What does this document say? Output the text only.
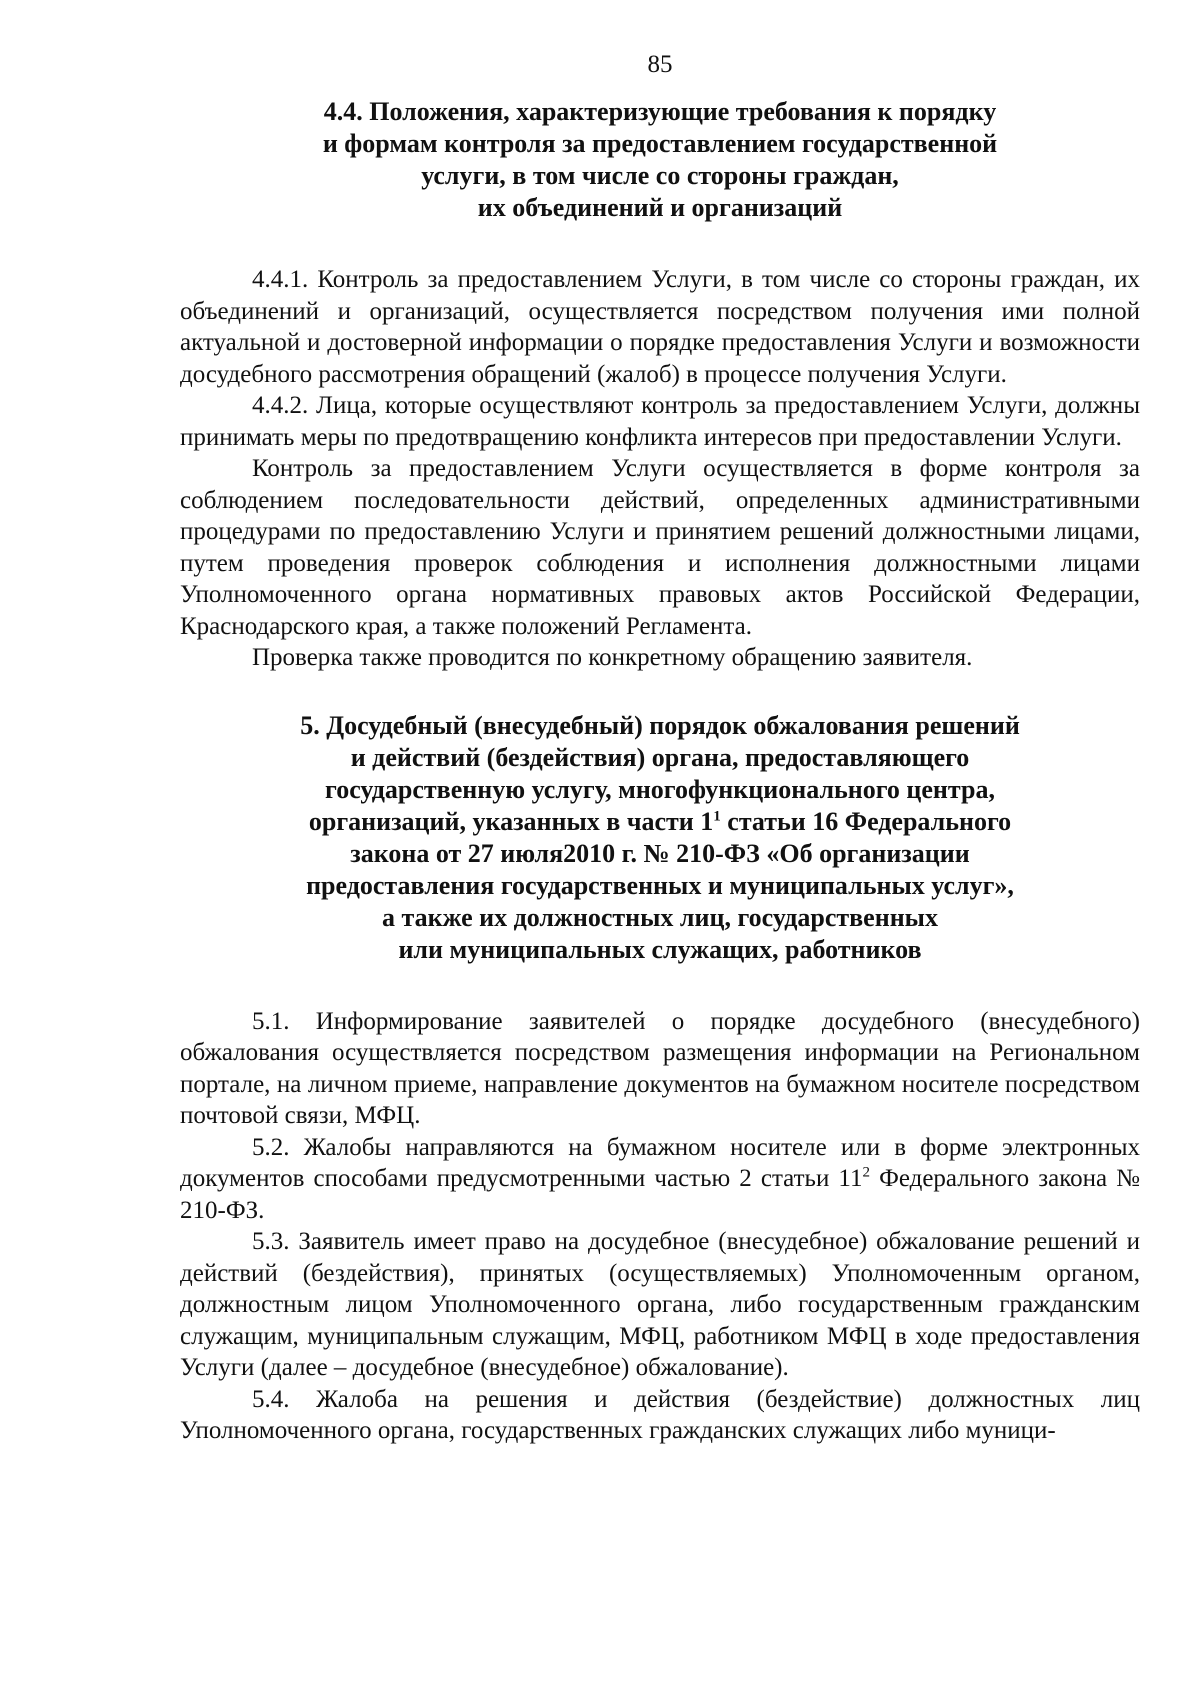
85
4.4. Положения, характеризующие требования к порядку
и формам контроля за предоставлением государственной
услуги, в том числе со стороны граждан,
их объединений и организаций

4.4.1. Контроль за предоставлением Услуги, в том числе со стороны граждан, их объединений и организаций, осуществляется посредством получения ими полной актуальной и достоверной информации о порядке предоставления Услуги и возможности досудебного рассмотрения обращений (жалоб) в процессе получения Услуги.

4.4.2. Лица, которые осуществляют контроль за предоставлением Услуги, должны принимать меры по предотвращению конфликта интересов при предоставлении Услуги.

Контроль за предоставлением Услуги осуществляется в форме контроля за соблюдением последовательности действий, определенных административными процедурами по предоставлению Услуги и принятием решений должностными лицами, путем проведения проверок соблюдения и исполнения должностными лицами Уполномоченного органа нормативных правовых актов Российской Федерации, Краснодарского края, а также положений Регламента.

Проверка также проводится по конкретному обращению заявителя.

5. Досудебный (внесудебный) порядок обжалования решений
и действий (бездействия) органа, предоставляющего
государственную услугу, многофункционального центра,
организаций, указанных в части $1^1$ статьи 16 Федерального
закона от 27 июля2010 г. № 210-ФЗ «Об организации
предоставления государственных и муниципальных услуг»,
а также их должностных лиц, государственных
или муниципальных служащих, работников

5.1. Информирование заявителей о порядке досудебного (внесудебного) обжалования осуществляется посредством размещения информации на Региональном портале, на личном приеме, направление документов на бумажном носителе посредством почтовой связи, МФЦ.

5.2. Жалобы направляются на бумажном носителе или в форме электронных документов способами предусмотренными частью 2 статьи $11^2$ Федерального закона № 210-ФЗ.

5.3. Заявитель имеет право на досудебное (внесудебное) обжалование решений и действий (бездействия), принятых (осуществляемых) Уполномоченным органом, должностным лицом Уполномоченного органа, либо государственным гражданским служащим, муниципальным служащим, МФЦ, работником МФЦ в ходе предоставления Услуги (далее – досудебное (внесудебное) обжалование).

5.4. Жалоба на решения и действия (бездействие) должностных лиц Уполномоченного органа, государственных гражданских служащих либо муници-
